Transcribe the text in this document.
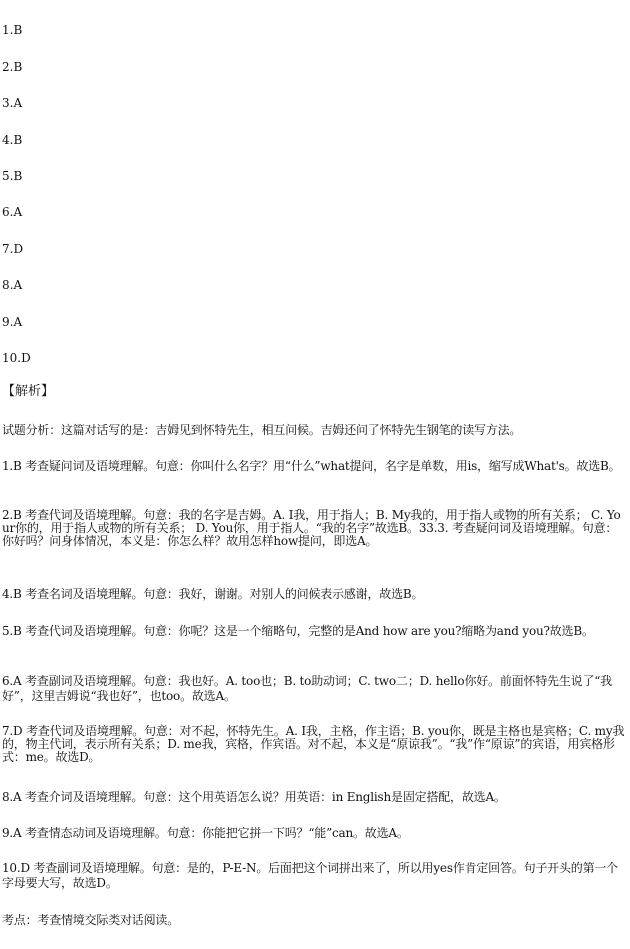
1.B
2.B
3.A
4.B
5.B
6.A
7.D
8.A
9.A
10.D
【解析】
试题分析：这篇对话写的是：吉姆见到怀特先生，相互问候。吉姆还问了怀特先生钢笔的读写方法。
1.B 考查疑问词及语境理解。句意：你叫什么名字？用“什么”what提问，名字是单数，用is，缩写成What's。故选B。
2.B 考查代词及语境理解。句意：我的名字是吉姆。A. I我，用于指人；B. My我的，用于指人或物的所有关系； C. Your你的，用于指人或物的所有关系； D. You你，用于指人。“我的名字”故选B。33.3. 考查疑问词及语境理解。句意：你好吗？问身体情况，本义是：你怎么样？故用怎样how提问，即选A。
4.B 考查名词及语境理解。句意：我好，谢谢。对别人的问候表示感谢，故选B。
5.B 考查代词及语境理解。句意：你呢？这是一个缩略句，完整的是And how are you?缩略为and you?故选B。
6.A 考查副词及语境理解。句意：我也好。A. too也；B. to助动词；C. two二；D. hello你好。前面怀特先生说了“我好”，这里吉姆说“我也好”，也too。故选A。
7.D 考查代词及语境理解。句意：对不起，怀特先生。A. I我，主格，作主语；B. you你，既是主格也是宾格；C. my我的，物主代词，表示所有关系；D. me我，宾格，作宾语。对不起，本义是“原谅我”。“我”作“原谅”的宾语，用宾格形式：me。故选D。
8.A 考查介词及语境理解。句意：这个用英语怎么说？用英语：in English是固定搭配，故选A。
9.A 考查情态动词及语境理解。句意：你能把它拼一下吗？“能”can。故选A。
10.D 考查副词及语境理解。句意：是的，P-E-N。后面把这个词拼出来了，所以用yes作肯定回答。句子开头的第一个字母要大写，故选D。
考点：考查情境交际类对话阅读。
